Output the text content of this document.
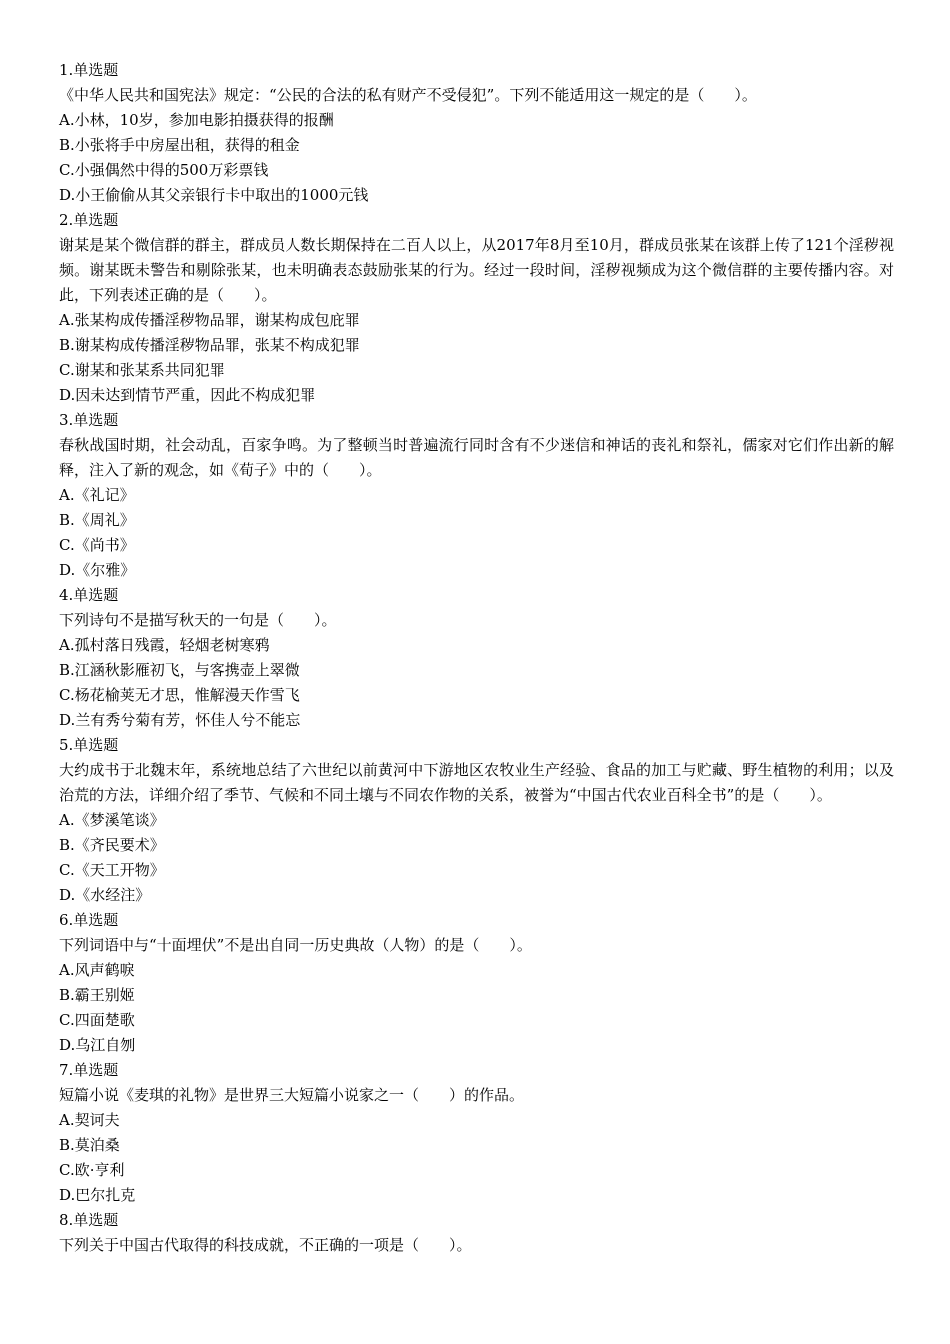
1.单选题
《中华人民共和国宪法》规定：“公民的合法的私有财产不受侵犯”。下列不能适用这一规定的是（　　）。
A.小林，10岁，参加电影拍摄获得的报酬
B.小张将手中房屋出租，获得的租金
C.小强偶然中得的500万彩票钱
D.小王偷偷从其父亲银行卡中取出的1000元钱
2.单选题
谢某是某个微信群的群主，群成员人数长期保持在二百人以上，从2017年8月至10月，群成员张某在该群上传了121个淫秽视频。谢某既未警告和剔除张某，也未明确表态鼓励张某的行为。经过一段时间，淫秽视频成为这个微信群的主要传播内容。对此，下列表述正确的是（　　）。
A.张某构成传播淫秽物品罪，谢某构成包庇罪
B.谢某构成传播淫秽物品罪，张某不构成犯罪
C.谢某和张某系共同犯罪
D.因未达到情节严重，因此不构成犯罪
3.单选题
春秋战国时期，社会动乱，百家争鸣。为了整顿当时普遍流行同时含有不少迷信和神话的丧礼和祭礼，儒家对它们作出新的解释，注入了新的观念，如《荀子》中的（　　）。
A.《礼记》
B.《周礼》
C.《尚书》
D.《尔雅》
4.单选题
下列诗句不是描写秋天的一句是（　　）。
A.孤村落日残霞，轻烟老树寒鸦
B.江涵秋影雁初飞，与客携壶上翠微
C.杨花榆荚无才思，惟解漫天作雪飞
D.兰有秀兮菊有芳，怀佳人兮不能忘
5.单选题
大约成书于北魏末年，系统地总结了六世纪以前黄河中下游地区农牧业生产经验、食品的加工与贮藏、野生植物的利用；以及治荒的方法，详细介绍了季节、气候和不同土壤与不同农作物的关系，被誉为“中国古代农业百科全书”的是（　　）。
A.《梦溪笔谈》
B.《齐民要术》
C.《天工开物》
D.《水经注》
6.单选题
下列词语中与“十面埋伏”不是出自同一历史典故（人物）的是（　　）。
A.风声鹤唳
B.霸王别姬
C.四面楚歌
D.乌江自刎
7.单选题
短篇小说《麦琪的礼物》是世界三大短篇小说家之一（　　）的作品。
A.契诃夫
B.莫泊桑
C.欧·亨利
D.巴尔扎克
8.单选题
下列关于中国古代取得的科技成就，不正确的一项是（　　）。
